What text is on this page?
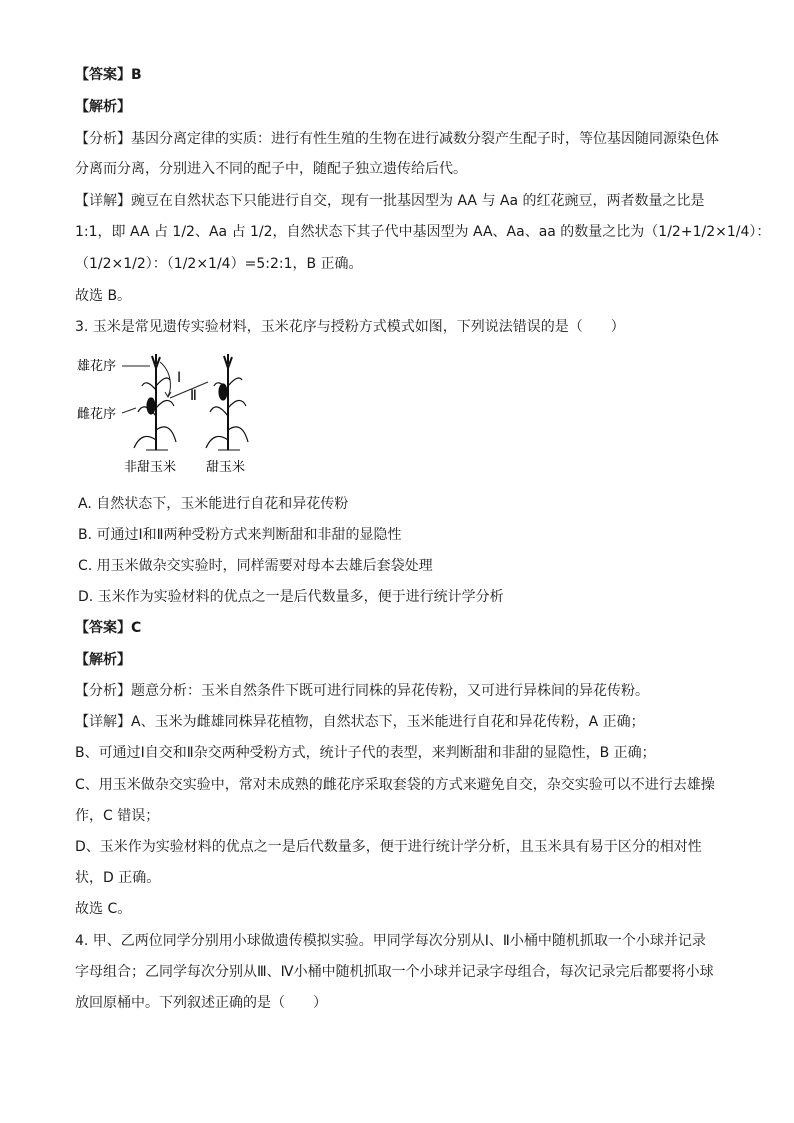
【答案】B
【解析】
【分析】基因分离定律的实质：进行有性生殖的生物在进行减数分裂产生配子时，等位基因随同源染色体
分离而分离，分别进入不同的配子中，随配子独立遗传给后代。
【详解】豌豆在自然状态下只能进行自交，现有一批基因型为 AA 与 Aa 的红花豌豆，两者数量之比是
1:1，即 AA 占 1/2、Aa 占 1/2，自然状态下其子代中基因型为 AA、Aa、aa 的数量之比为（1/2+1/2×1/4）：
（1/2×1/2）：（1/2×1/4）=5:2:1，B 正确。
故选 B。
3. 玉米是常见遗传实验材料，玉米花序与授粉方式模式如图，下列说法错误的是（　　）
雄花序
雌花序
Ⅰ
Ⅱ
非甜玉米 甜玉米
A. 自然状态下，玉米能进行自花和异花传粉
B. 可通过Ⅰ和Ⅱ两种受粉方式来判断甜和非甜的显隐性
C. 用玉米做杂交实验时，同样需要对母本去雄后套袋处理
D. 玉米作为实验材料的优点之一是后代数量多，便于进行统计学分析
【答案】C
【解析】
【分析】题意分析：玉米自然条件下既可进行同株的异花传粉，又可进行异株间的异花传粉。
【详解】A、玉米为雌雄同株异花植物，自然状态下，玉米能进行自花和异花传粉，A 正确；
B、可通过Ⅰ自交和Ⅱ杂交两种受粉方式，统计子代的表型，来判断甜和非甜的显隐性，B 正确；
C、用玉米做杂交实验中，常对未成熟的雌花序采取套袋的方式来避免自交，杂交实验可以不进行去雄操
作，C 错误；
D、玉米作为实验材料的优点之一是后代数量多，便于进行统计学分析，且玉米具有易于区分的相对性
状，D 正确。
故选 C。
4. 甲、乙两位同学分别用小球做遗传模拟实验。甲同学每次分别从Ⅰ、Ⅱ小桶中随机抓取一个小球并记录
字母组合；乙同学每次分别从Ⅲ、Ⅳ小桶中随机抓取一个小球并记录字母组合，每次记录完后都要将小球
放回原桶中。下列叙述正确的是（　　）
